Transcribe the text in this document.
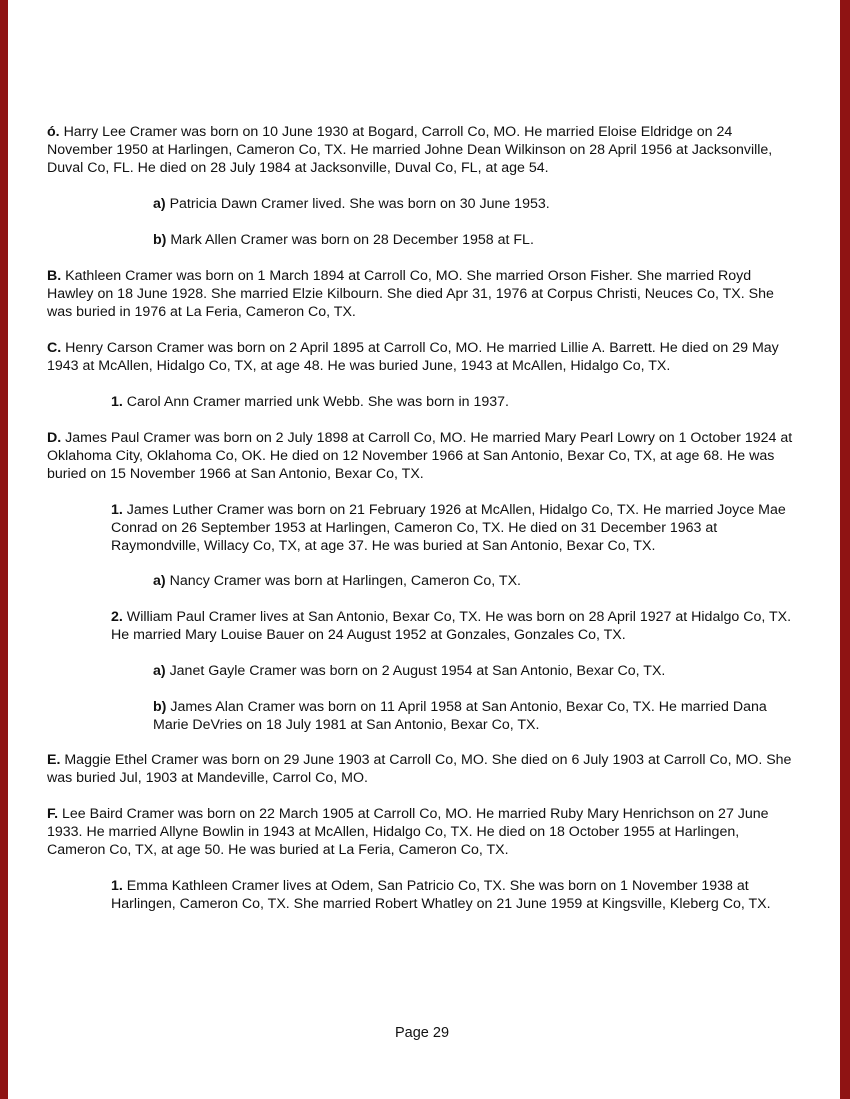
ó. Harry Lee Cramer was born on 10 June 1930 at Bogard, Carroll Co, MO. He married Eloise Eldridge on 24 November 1950 at Harlingen, Cameron Co, TX. He married Johne Dean Wilkinson on 28 April 1956 at Jacksonville, Duval Co, FL. He died on 28 July 1984 at Jacksonville, Duval Co, FL, at age 54.

a) Patricia Dawn Cramer lived. She was born on 30 June 1953.

b) Mark Allen Cramer was born on 28 December 1958 at FL.

B. Kathleen Cramer was born on 1 March 1894 at Carroll Co, MO. She married Orson Fisher. She married Royd Hawley on 18 June 1928. She married Elzie Kilbourn. She died Apr 31, 1976 at Corpus Christi, Neuces Co, TX. She was buried in 1976 at La Feria, Cameron Co, TX.

C. Henry Carson Cramer was born on 2 April 1895 at Carroll Co, MO. He married Lillie A. Barrett. He died on 29 May 1943 at McAllen, Hidalgo Co, TX, at age 48. He was buried June, 1943 at McAllen, Hidalgo Co, TX.

1. Carol Ann Cramer married unk Webb. She was born in 1937.

D. James Paul Cramer was born on 2 July 1898 at Carroll Co, MO. He married Mary Pearl Lowry on 1 October 1924 at Oklahoma City, Oklahoma Co, OK. He died on 12 November 1966 at San Antonio, Bexar Co, TX, at age 68. He was buried on 15 November 1966 at San Antonio, Bexar Co, TX.

1. James Luther Cramer was born on 21 February 1926 at McAllen, Hidalgo Co, TX. He married Joyce Mae Conrad on 26 September 1953 at Harlingen, Cameron Co, TX. He died on 31 December 1963 at Raymondville, Willacy Co, TX, at age 37. He was buried at San Antonio, Bexar Co, TX.

a) Nancy Cramer was born at Harlingen, Cameron Co, TX.

2. William Paul Cramer lives at San Antonio, Bexar Co, TX. He was born on 28 April 1927 at Hidalgo Co, TX. He married Mary Louise Bauer on 24 August 1952 at Gonzales, Gonzales Co, TX.

a) Janet Gayle Cramer was born on 2 August 1954 at San Antonio, Bexar Co, TX.

b) James Alan Cramer was born on 11 April 1958 at San Antonio, Bexar Co, TX. He married Dana Marie DeVries on 18 July 1981 at San Antonio, Bexar Co, TX.

E. Maggie Ethel Cramer was born on 29 June 1903 at Carroll Co, MO. She died on 6 July 1903 at Carroll Co, MO. She was buried Jul, 1903 at Mandeville, Carrol Co, MO.

F. Lee Baird Cramer was born on 22 March 1905 at Carroll Co, MO. He married Ruby Mary Henrichson on 27 June 1933. He married Allyne Bowlin in 1943 at McAllen, Hidalgo Co, TX. He died on 18 October 1955 at Harlingen, Cameron Co, TX, at age 50. He was buried at La Feria, Cameron Co, TX.

1. Emma Kathleen Cramer lives at Odem, San Patricio Co, TX. She was born on 1 November 1938 at Harlingen, Cameron Co, TX. She married Robert Whatley on 21 June 1959 at Kingsville, Kleberg Co, TX.

Page 29
